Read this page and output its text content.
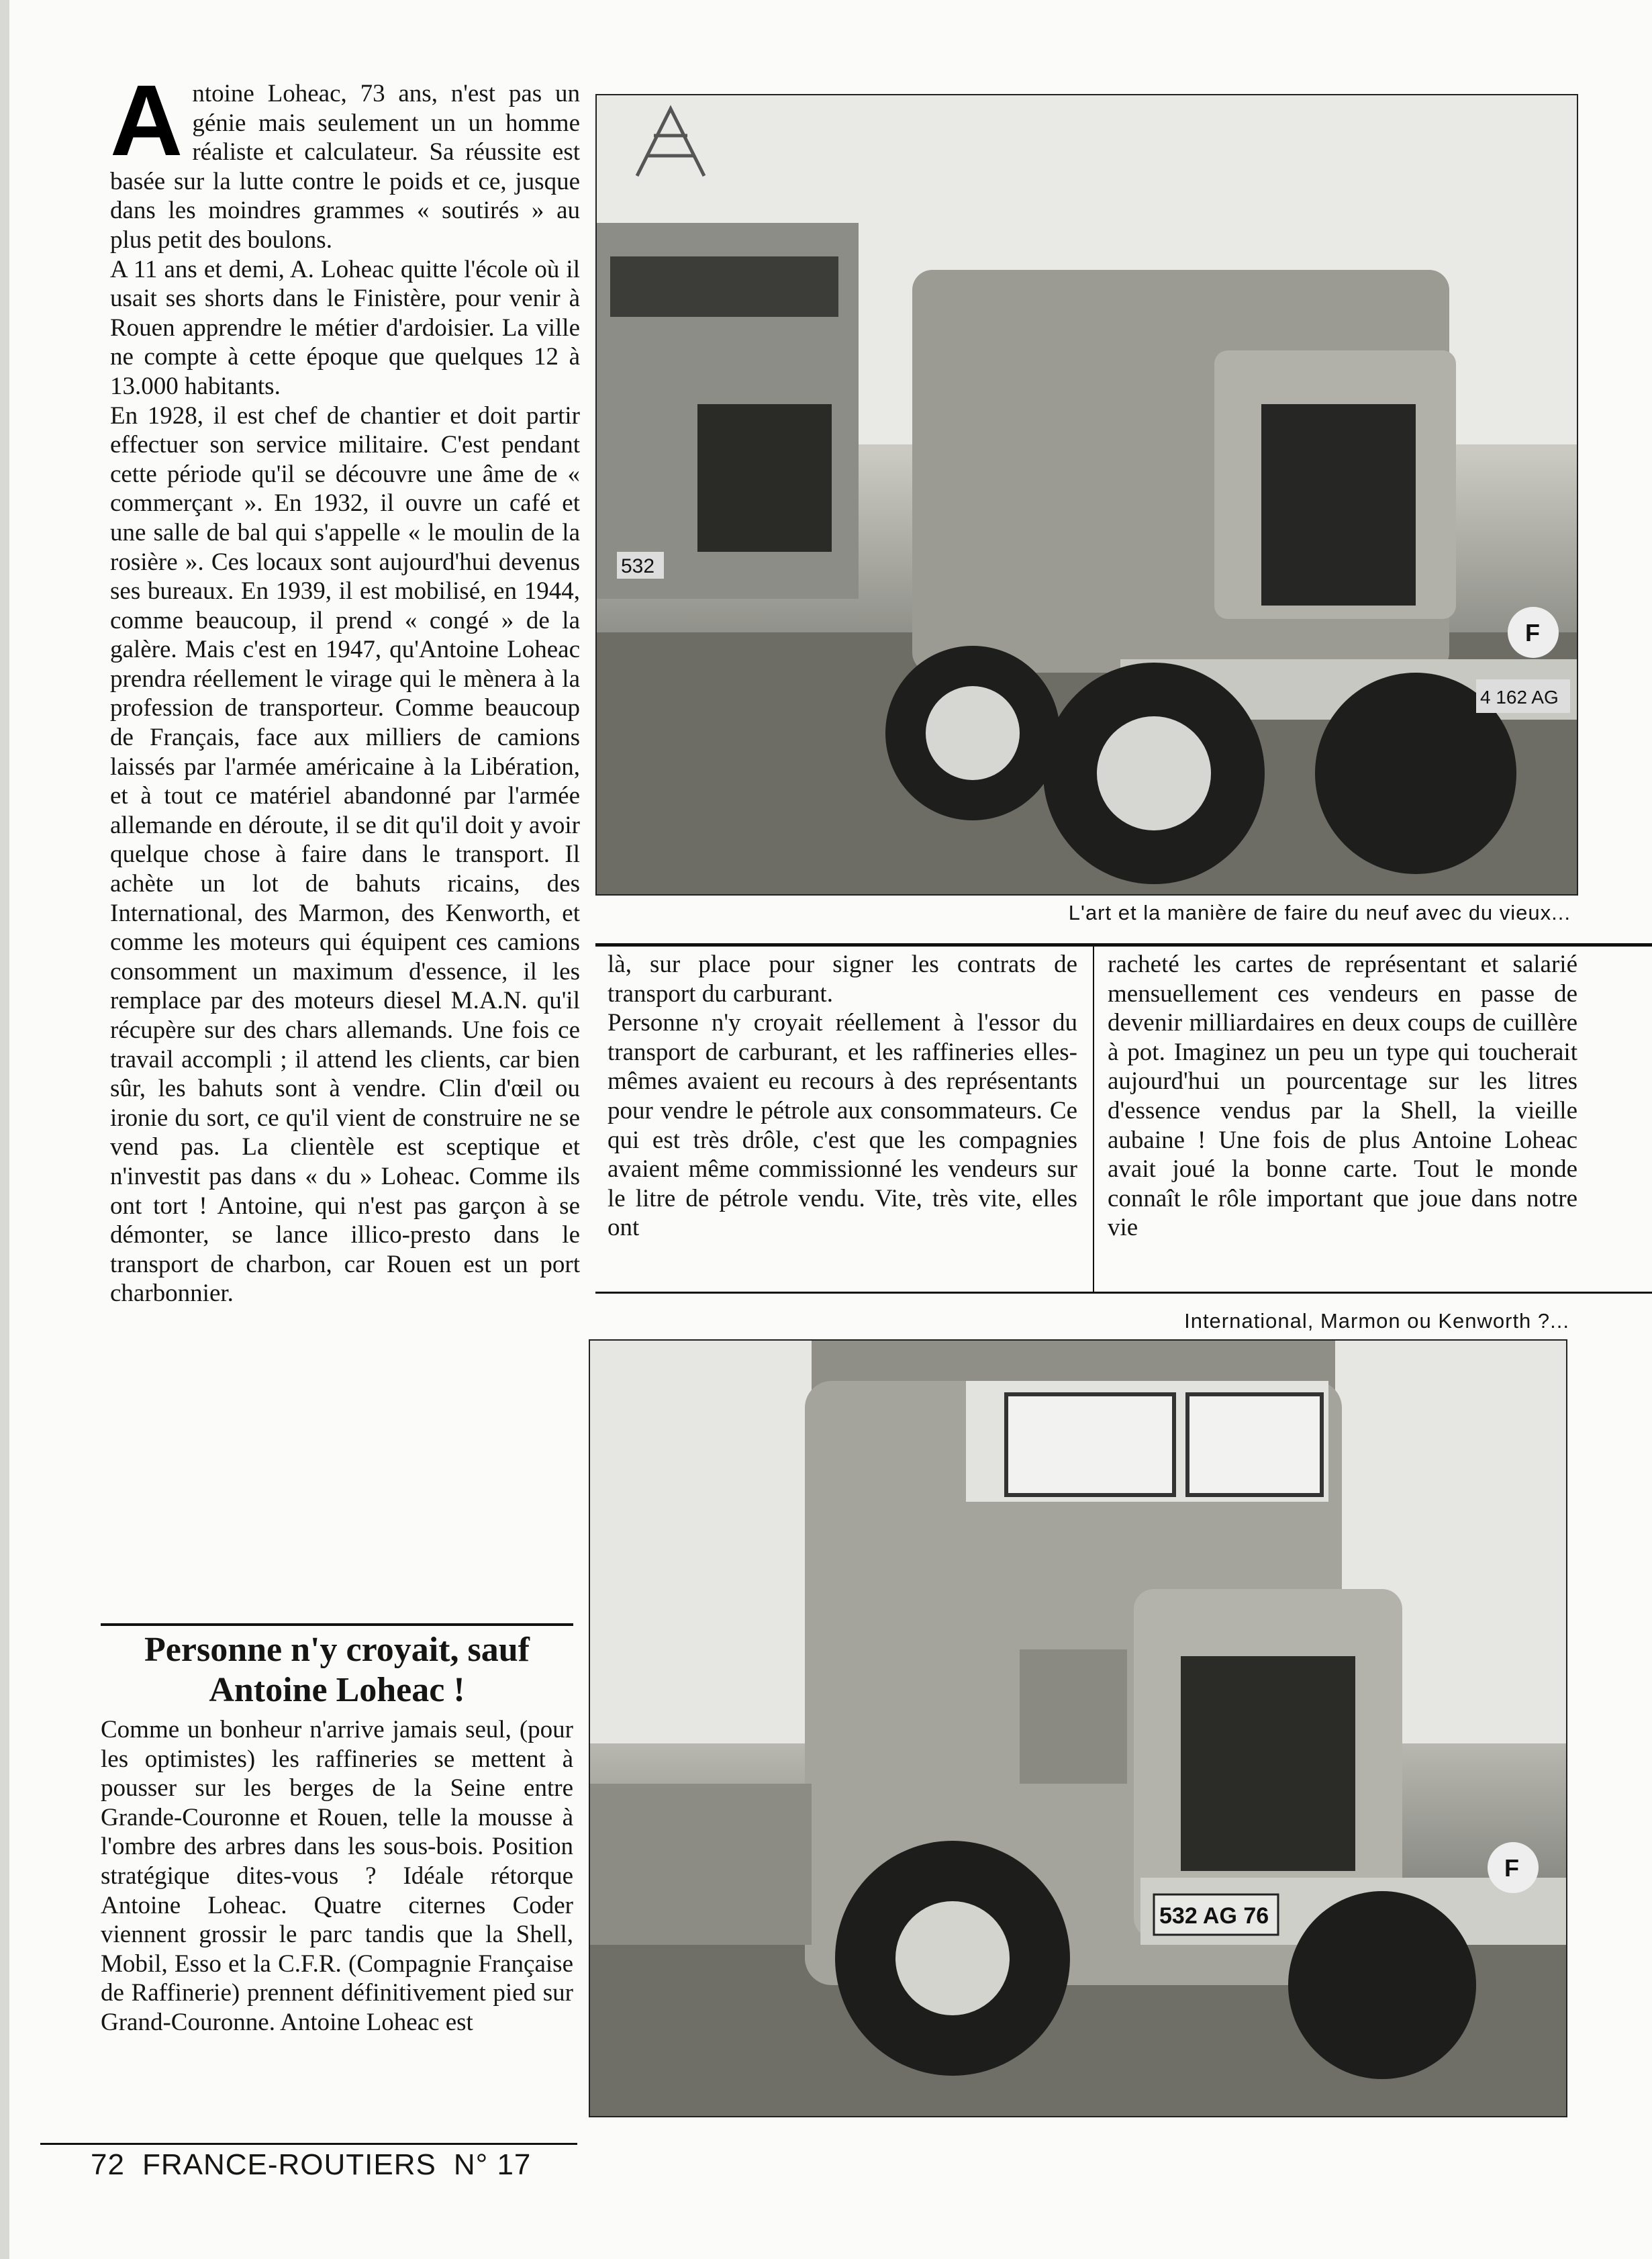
Antoine Loheac, 73 ans, n'est pas un génie mais seulement un un homme réaliste et calculateur. Sa réussite est basée sur la lutte contre le poids et ce, jusque dans les moindres grammes « soutirés » au plus petit des boulons.

A 11 ans et demi, A. Loheac quitte l'école où il usait ses shorts dans le Finistère, pour venir à Rouen apprendre le métier d'ardoisier. La ville ne compte à cette époque que quelques 12 à 13.000 habitants.

En 1928, il est chef de chantier et doit partir effectuer son service militaire. C'est pendant cette période qu'il se découvre une âme de « commerçant ». En 1932, il ouvre un café et une salle de bal qui s'appelle « le moulin de la rosière ». Ces locaux sont aujourd'hui devenus ses bureaux. En 1939, il est mobilisé, en 1944, comme beaucoup, il prend « congé » de la galère. Mais c'est en 1947, qu'Antoine Loheac prendra réellement le virage qui le mènera à la profession de transporteur. Comme beaucoup de Français, face aux milliers de camions laissés par l'armée américaine à la Libération, et à tout ce matériel abandonné par l'armée allemande en déroute, il se dit qu'il doit y avoir quelque chose à faire dans le transport. Il achète un lot de bahuts ricains, des International, des Marmon, des Kenworth, et comme les moteurs qui équipent ces camions consomment un maximum d'essence, il les remplace par des moteurs diesel M.A.N. qu'il récupère sur des chars allemands. Une fois ce travail accompli ; il attend les clients, car bien sûr, les bahuts sont à vendre. Clin d'œil ou ironie du sort, ce qu'il vient de construire ne se vend pas. La clientèle est sceptique et n'investit pas dans « du » Loheac. Comme ils ont tort ! Antoine, qui n'est pas garçon à se démonter, se lance illico-presto dans le transport de charbon, car Rouen est un port charbonnier.

Personne n'y croyait, sauf Antoine Loheac !

Comme un bonheur n'arrive jamais seul, (pour les optimistes) les raffineries se mettent à pousser sur les berges de la Seine entre Grande-Couronne et Rouen, telle la mousse à l'ombre des arbres dans les sous-bois. Position stratégique dites-vous ? Idéale rétorque Antoine Loheac. Quatre citernes Coder viennent grossir le parc tandis que la Shell, Mobil, Esso et la C.F.R. (Compagnie Française de Raffinerie) prennent définitivement pied sur Grand-Couronne. Antoine Loheac est

532
4 162 AG
F
L'art et la manière de faire du neuf avec du vieux...

là, sur place pour signer les contrats de transport du carburant.

Personne n'y croyait réellement à l'essor du transport de carburant, et les raffineries elles-mêmes avaient eu recours à des représentants pour vendre le pétrole aux consommateurs. Ce qui est très drôle, c'est que les compagnies avaient même commissionné les vendeurs sur le litre de pétrole vendu. Vite, très vite, elles ont

racheté les cartes de représentant et salarié mensuellement ces vendeurs en passe de devenir milliardaires en deux coups de cuillère à pot. Imaginez un peu un type qui toucherait aujourd'hui un pourcentage sur les litres d'essence vendus par la Shell, la vieille aubaine ! Une fois de plus Antoine Loheac avait joué la bonne carte. Tout le monde connaît le rôle important que joue dans notre vie

International, Marmon ou Kenworth ?...
532 AG 76
F
72 FRANCE-ROUTIERS N° 17
